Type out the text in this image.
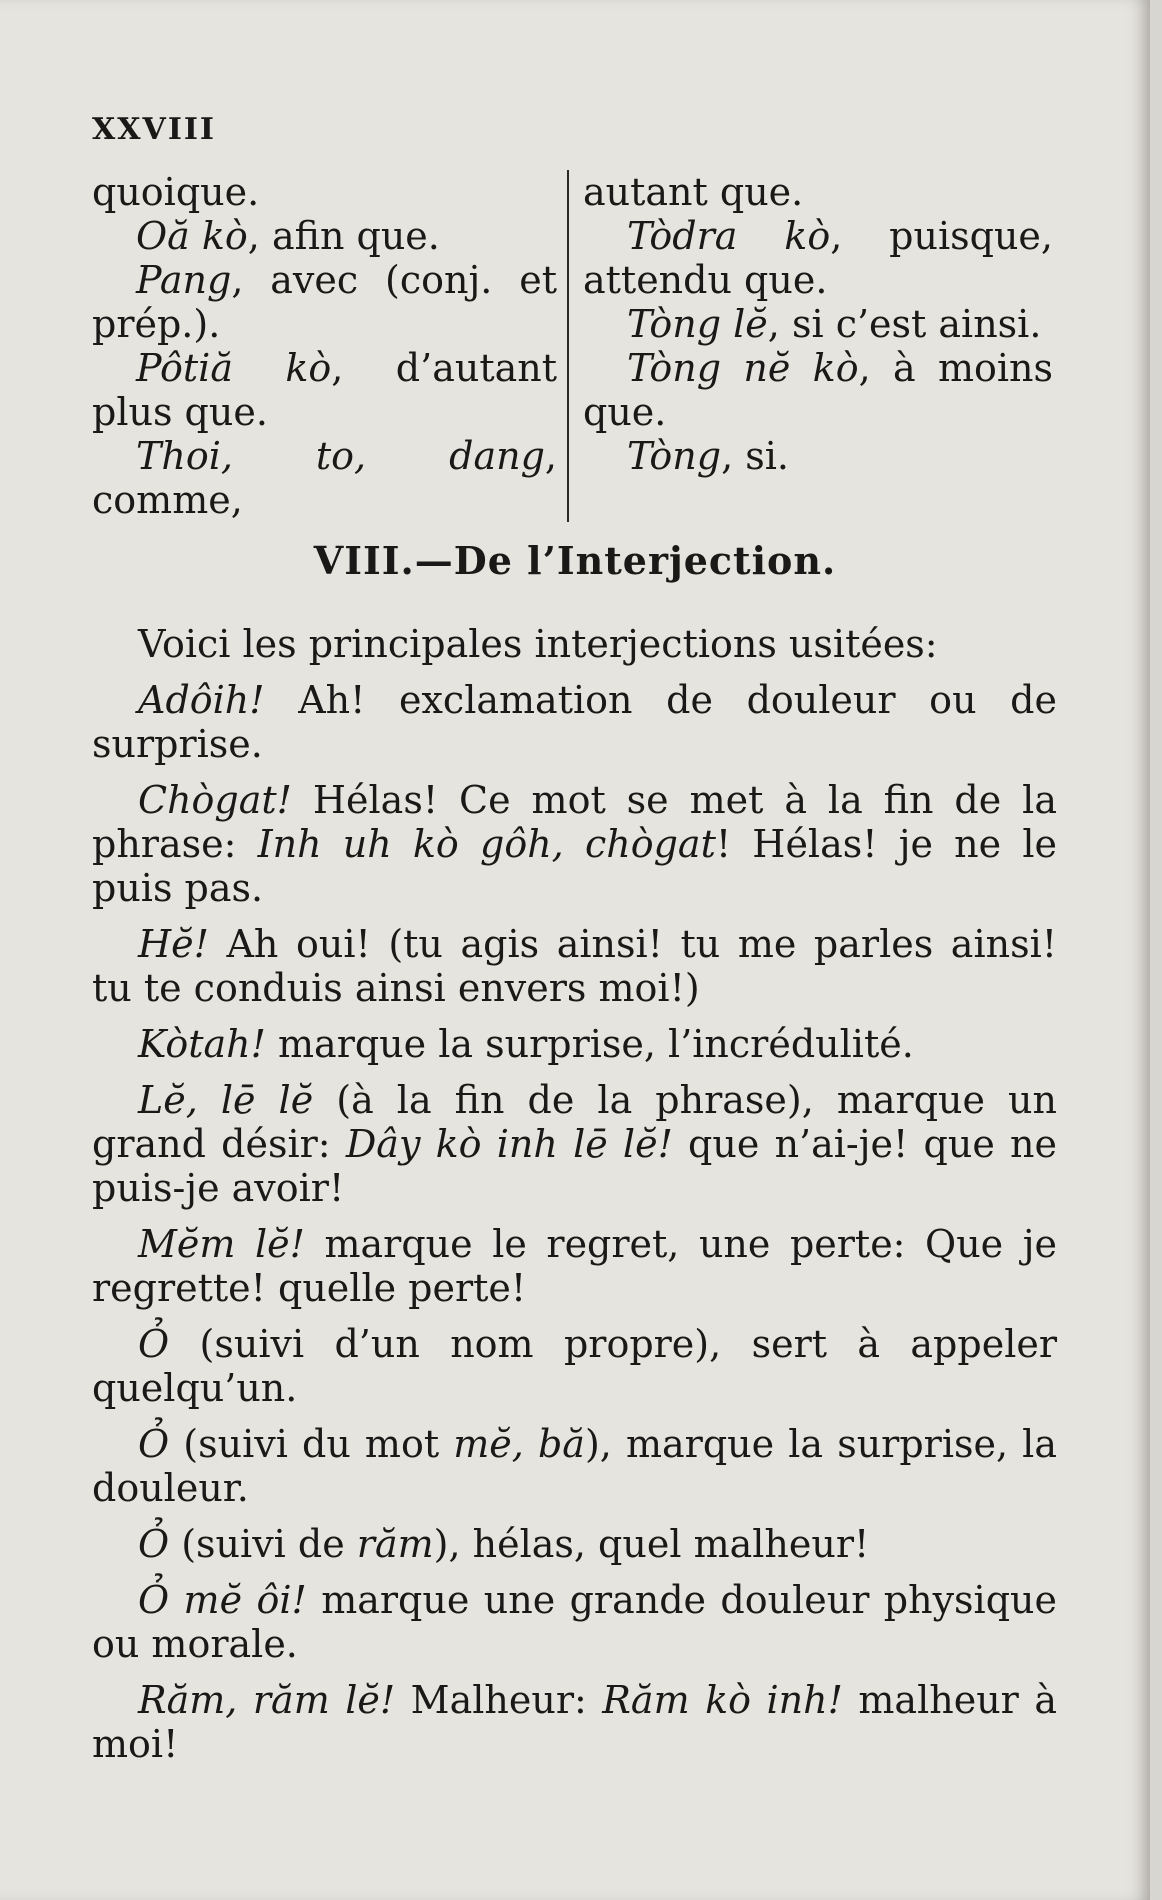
XXVIII

quoique.

Oă kò, afin que.

Pang, avec (conj. et prép.).

Pôtiă kò, d’autant plus que.

Thoi, to, dang, comme,

autant que.

Tòdra kò, puisque, attendu que.

Tòng lĕ, si c’est ainsi.

Tòng nĕ kò, à moins que.

Tòng, si.

VIII.—De l’Interjection.

Voici les principales interjections usitées:

Adôih! Ah! exclamation de douleur ou de surprise.

Chògat! Hélas! Ce mot se met à la fin de la phrase: Inh uh kò gôh, chògat! Hélas! je ne le puis pas.

Hĕ! Ah oui! (tu agis ainsi! tu me parles ainsi! tu te conduis ainsi envers moi!)

Kòtah! marque la surprise, l’incrédulité.

Lĕ, lē lĕ (à la fin de la phrase), marque un grand désir: Dây kò inh lē lĕ! que n’ai-je! que ne puis-je avoir!

Mĕm lĕ! marque le regret, une perte: Que je regrette! quelle perte!

Ỏ (suivi d’un nom propre), sert à appeler quelqu’un.

Ỏ (suivi du mot mĕ, bă), marque la surprise, la douleur.

Ỏ (suivi de răm), hélas, quel malheur!

Ỏ mĕ ôi! marque une grande douleur physique ou morale.

Răm, răm lĕ! Malheur: Răm kò inh! malheur à moi!
